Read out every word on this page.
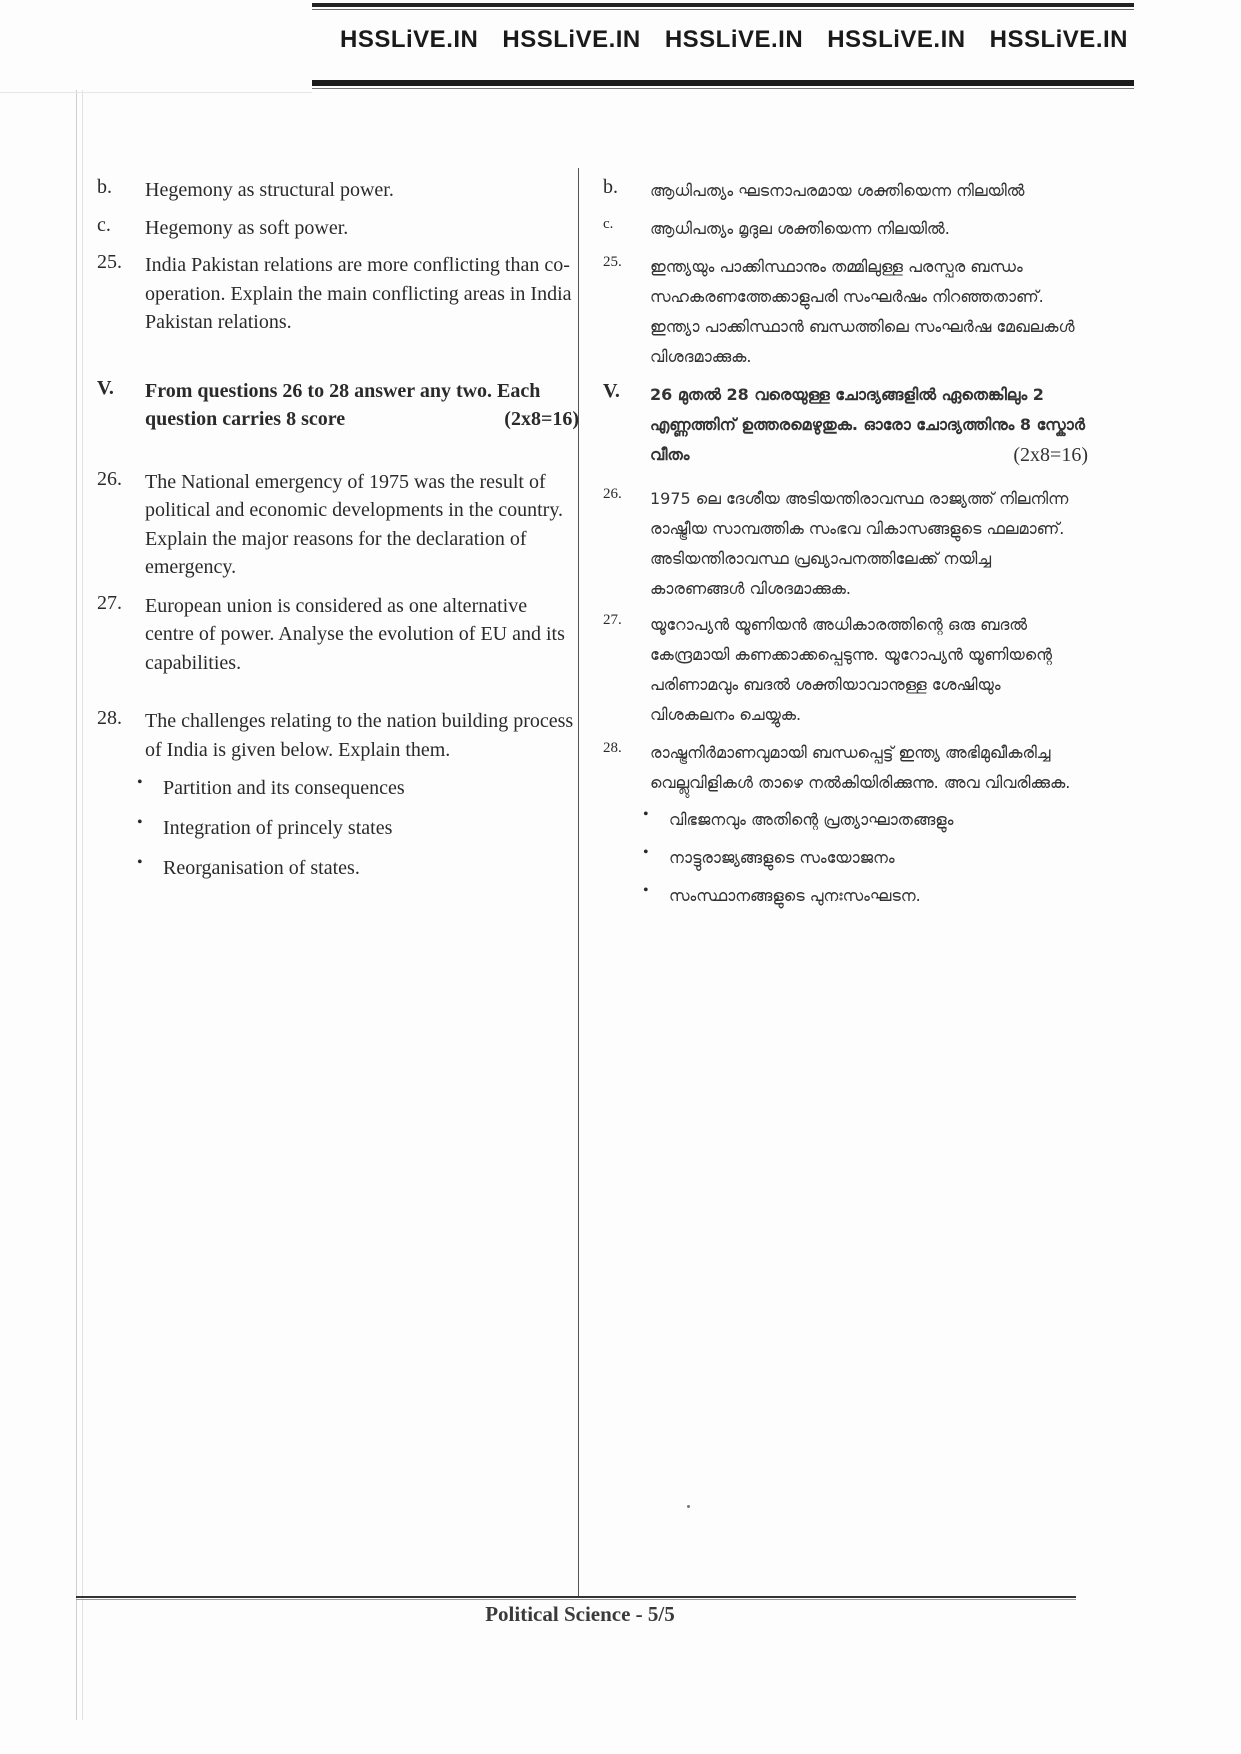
HSSLiVE.IN HSSLiVE.IN HSSLiVE.IN HSSLiVE.IN HSSLiVE.IN
b.	Hegemony as structural power.
c.	Hegemony as soft power.
25.	India Pakistan relations are more conflicting than co-operation. Explain the main conflicting areas in India Pakistan relations.
V.	From questions 26 to 28 answer any two. Each question carries 8 score	(2x8=16)
26.	The National emergency of 1975 was the result of political and economic developments in the country. Explain the major reasons for the declaration of emergency.
27.	European union is considered as one alternative centre of power. Analyse the evolution of EU and its capabilities.
28.	The challenges relating to the nation building process of India is given below. Explain them.
•	Partition and its consequences
•	Integration of princely states
•	Reorganisation of states.
b.	ആധിപത്യം ഘടനാപരമായ ശക്തിയെന്ന നിലയിൽ
c.	ആധിപത്യം മൃദുല ശക്തിയെന്ന നിലയിൽ.
25.	ഇന്ത്യയും പാക്കിസ്ഥാനും തമ്മിലുള്ള പരസ്പര ബന്ധം സഹകരണത്തേക്കാളുപരി സംഘർഷം നിറഞ്ഞതാണ്. ഇന്ത്യാ പാക്കിസ്ഥാൻ ബന്ധത്തിലെ സംഘർഷ മേഖലകൾ വിശദമാക്കുക.
V.	26 മുതൽ 28 വരെയുള്ള ചോദ്യങ്ങളിൽ ഏതെങ്കിലും 2 എണ്ണത്തിന് ഉത്തരമെഴുതുക. ഓരോ ചോദ്യത്തിനും 8 സ്കോർ വീതം	(2x8=16)
26.	1975 ലെ ദേശീയ അടിയന്തിരാവസ്ഥ രാജ്യത്ത് നിലനിന്ന രാഷ്ട്രീയ സാമ്പത്തിക സംഭവ വികാസങ്ങളുടെ ഫലമാണ്. അടിയന്തിരാവസ്ഥ പ്രഖ്യാപനത്തിലേക്ക് നയിച്ച കാരണങ്ങൾ വിശദമാക്കുക.
27.	യൂറോപ്യൻ യൂണിയൻ അധികാരത്തിന്റെ ഒരു ബദൽ കേന്ദ്രമായി കണക്കാക്കപ്പെടുന്നു. യൂറോപ്യൻ യൂണിയന്റെ പരിണാമവും ബദൽ ശക്തിയാവാനുള്ള ശേഷിയും വിശകലനം ചെയ്യുക.
28.	രാഷ്ട്രനിർമാണവുമായി ബന്ധപ്പെട്ട് ഇന്ത്യ അഭിമുഖീകരിച്ച വെല്ലുവിളികൾ താഴെ നൽകിയിരിക്കുന്നു. അവ വിവരിക്കുക.
•	വിഭജനവും അതിന്റെ പ്രത്യാഘാതങ്ങളും
•	നാട്ടുരാജ്യങ്ങളുടെ സംയോജനം
•	സംസ്ഥാനങ്ങളുടെ പുനഃസംഘടന.
Political Science - 5/5
